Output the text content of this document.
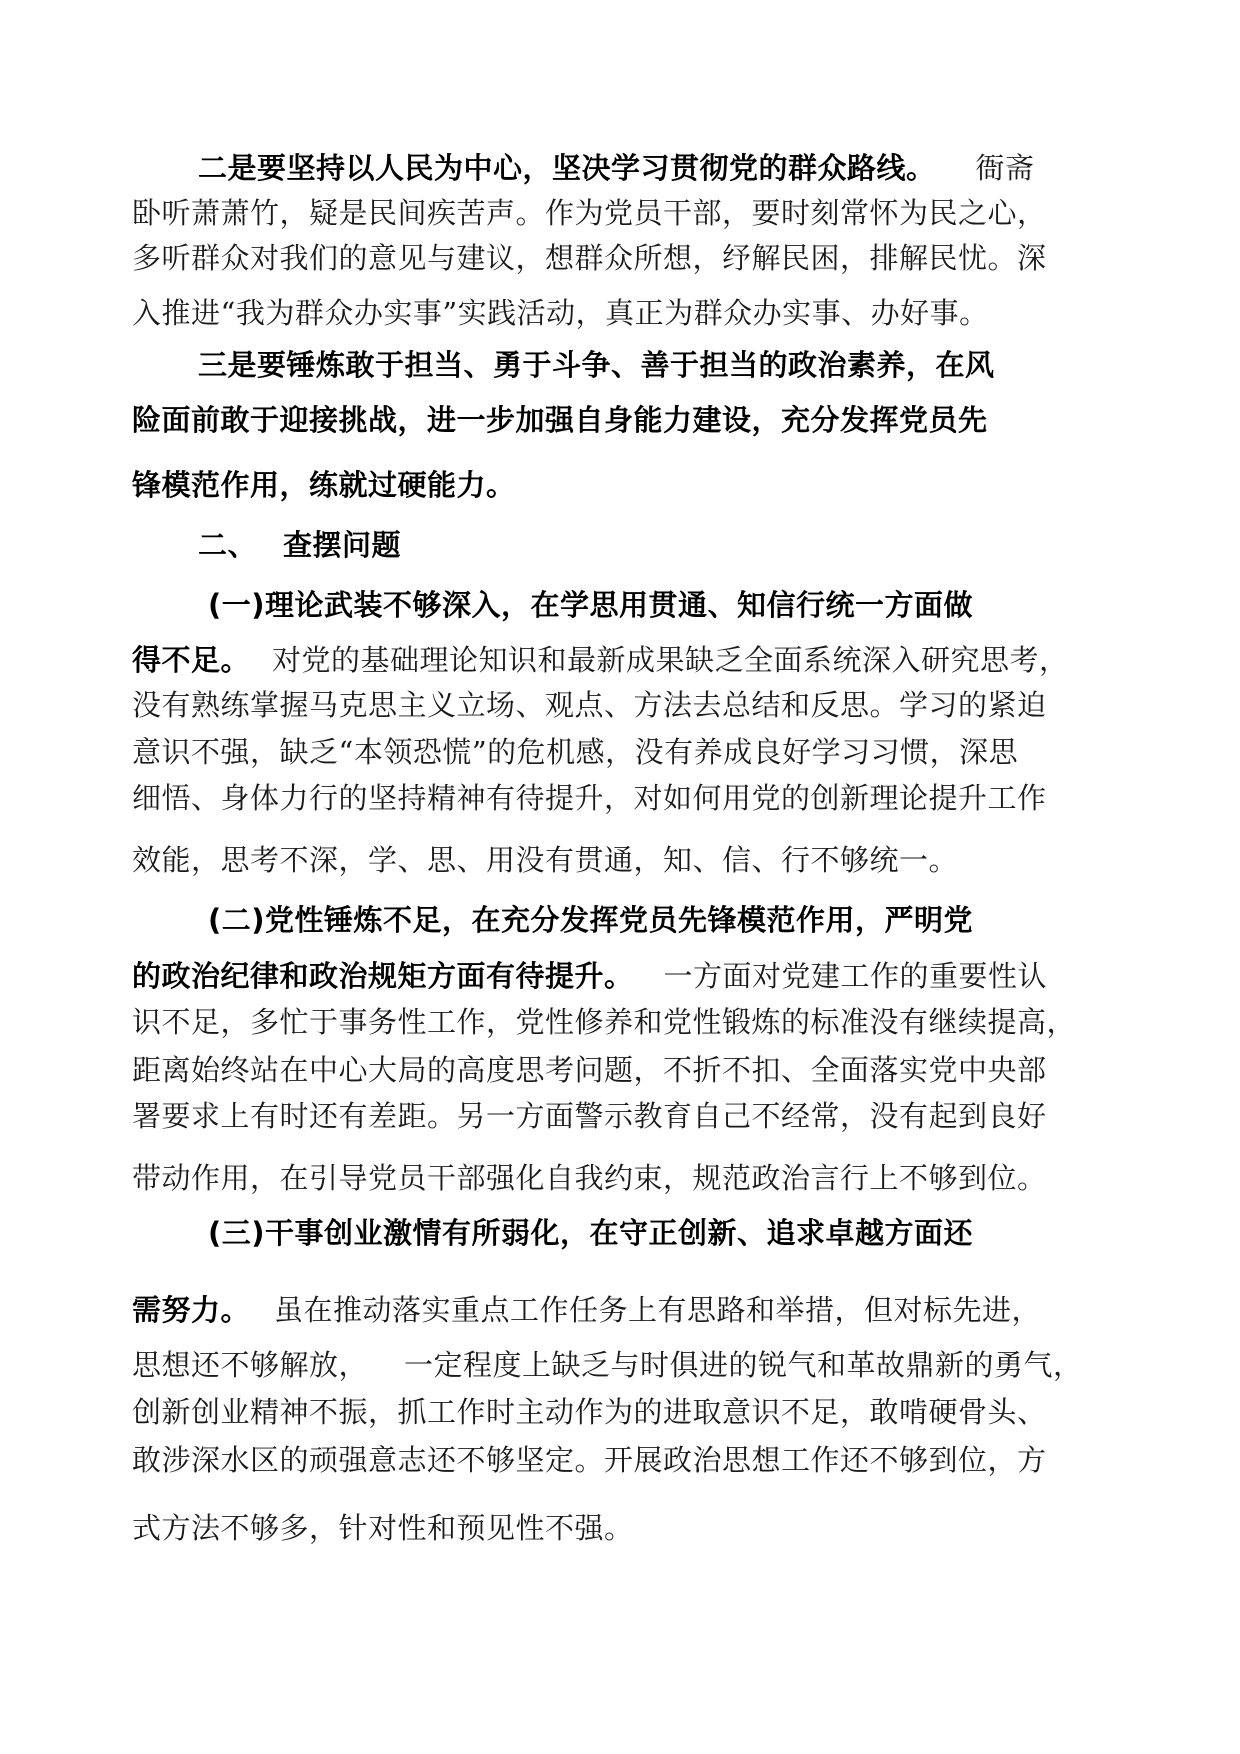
二是要坚持以人民为中心，坚决学习贯彻党的群众路线。 衙斋
卧听萧萧竹，疑是民间疾苦声。作为党员干部，要时刻常怀为民之心，
多听群众对我们的意见与建议，想群众所想，纾解民困，排解民忧。深
入推进“我为群众办实事”实践活动，真正为群众办实事、办好事。
三是要锤炼敢于担当、勇于斗争、善于担当的政治素养，在风
险面前敢于迎接挑战，进一步加强自身能力建设，充分发挥党员先
锋模范作用，练就过硬能力。
二、 查摆问题
(一)理论武装不够深入，在学思用贯通、知信行统一方面做
得不足。 对党的基础理论知识和最新成果缺乏全面系统深入研究思考，
没有熟练掌握马克思主义立场、观点、方法去总结和反思。学习的紧迫
意识不强，缺乏“本领恐慌”的危机感，没有养成良好学习习惯，深思
细悟、身体力行的坚持精神有待提升，对如何用党的创新理论提升工作
效能，思考不深，学、思、用没有贯通，知、信、行不够统一。
(二)党性锤炼不足，在充分发挥党员先锋模范作用，严明党
的政治纪律和政治规矩方面有待提升。 一方面对党建工作的重要性认
识不足，多忙于事务性工作，党性修养和党性锻炼的标准没有继续提高，
距离始终站在中心大局的高度思考问题，不折不扣、全面落实党中央部
署要求上有时还有差距。另一方面警示教育自己不经常，没有起到良好
带动作用，在引导党员干部强化自我约束，规范政治言行上不够到位。
(三)干事创业激情有所弱化，在守正创新、追求卓越方面还
需努力。 虽在推动落实重点工作任务上有思路和举措，但对标先进，
思想还不够解放， 一定程度上缺乏与时俱进的锐气和革故鼎新的勇气，
创新创业精神不振，抓工作时主动作为的进取意识不足，敢啃硬骨头、
敢涉深水区的顽强意志还不够坚定。开展政治思想工作还不够到位，方
式方法不够多，针对性和预见性不强。
